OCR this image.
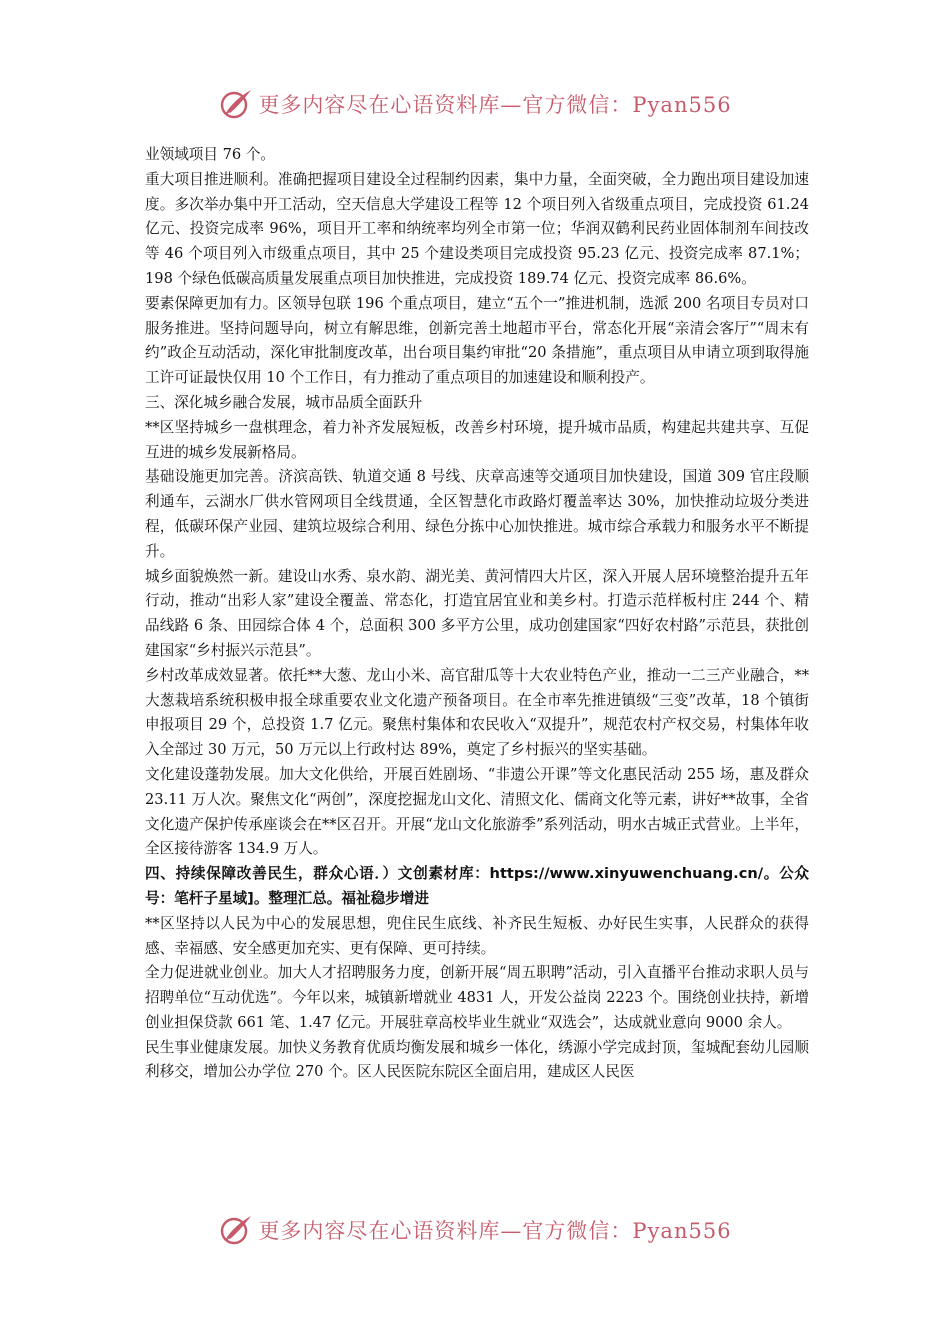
更多内容尽在心语资料库—官方微信：Pyan556

业领域项目 76 个。

重大项目推进顺利。准确把握项目建设全过程制约因素，集中力量，全面突破，全力跑出项目建设加速度。多次举办集中开工活动，空天信息大学建设工程等 12 个项目列入省级重点项目，完成投资 61.24 亿元、投资完成率 96%，项目开工率和纳统率均列全市第一位；华润双鹤利民药业固体制剂车间技改等 46 个项目列入市级重点项目，其中 25 个建设类项目完成投资 95.23 亿元、投资完成率 87.1%；198 个绿色低碳高质量发展重点项目加快推进，完成投资 189.74 亿元、投资完成率 86.6%。

要素保障更加有力。区领导包联 196 个重点项目，建立“五个一”推进机制，选派 200 名项目专员对口服务推进。坚持问题导向，树立有解思维，创新完善土地超市平台，常态化开展“亲清会客厅”“周末有约”政企互动活动，深化审批制度改革，出台项目集约审批“20 条措施”，重点项目从申请立项到取得施工许可证最快仅用 10 个工作日，有力推动了重点项目的加速建设和顺利投产。

三、深化城乡融合发展，城市品质全面跃升

**区坚持城乡一盘棋理念，着力补齐发展短板，改善乡村环境，提升城市品质，构建起共建共享、互促互进的城乡发展新格局。

基础设施更加完善。济滨高铁、轨道交通 8 号线、庆章高速等交通项目加快建设，国道 309 官庄段顺利通车，云湖水厂供水管网项目全线贯通，全区智慧化市政路灯覆盖率达 30%，加快推动垃圾分类进程，低碳环保产业园、建筑垃圾综合利用、绿色分拣中心加快推进。城市综合承载力和服务水平不断提升。

城乡面貌焕然一新。建设山水秀、泉水韵、湖光美、黄河情四大片区，深入开展人居环境整治提升五年行动，推动“出彩人家”建设全覆盖、常态化，打造宜居宜业和美乡村。打造示范样板村庄 244 个、精品线路 6 条、田园综合体 4 个，总面积 300 多平方公里，成功创建国家“四好农村路”示范县，获批创建国家“乡村振兴示范县”。

乡村改革成效显著。依托**大葱、龙山小米、高官甜瓜等十大农业特色产业，推动一二三产业融合，**大葱栽培系统积极申报全球重要农业文化遗产预备项目。在全市率先推进镇级“三变”改革，18 个镇街申报项目 29 个，总投资 1.7 亿元。聚焦村集体和农民收入“双提升”，规范农村产权交易，村集体年收入全部过 30 万元，50 万元以上行政村达 89%，奠定了乡村振兴的坚实基础。

文化建设蓬勃发展。加大文化供给，开展百姓剧场、“非遗公开课”等文化惠民活动 255 场，惠及群众 23.11 万人次。聚焦文化“两创”，深度挖掘龙山文化、清照文化、儒商文化等元素，讲好**故事，全省文化遗产保护传承座谈会在**区召开。开展“龙山文化旅游季”系列活动，明水古城正式营业。上半年，全区接待游客 134.9 万人。

四、持续保障改善民生，群众心语．）文创素材库：https://www.xinyuwenchuang.cn/。公众号：笔杆子星域]。整理汇总。福祉稳步增进

**区坚持以人民为中心的发展思想，兜住民生底线、补齐民生短板、办好民生实事，人民群众的获得感、幸福感、安全感更加充实、更有保障、更可持续。

全力促进就业创业。加大人才招聘服务力度，创新开展“周五职聘”活动，引入直播平台推动求职人员与招聘单位“互动优选”。今年以来，城镇新增就业 4831 人，开发公益岗 2223 个。围绕创业扶持，新增创业担保贷款 661 笔、1.47 亿元。开展驻章高校毕业生就业“双选会”，达成就业意向 9000 余人。

民生事业健康发展。加快义务教育优质均衡发展和城乡一体化，绣源小学完成封顶，玺城配套幼儿园顺利移交，增加公办学位 270 个。区人民医院东院区全面启用，建成区人民医

更多内容尽在心语资料库—官方微信：Pyan556
